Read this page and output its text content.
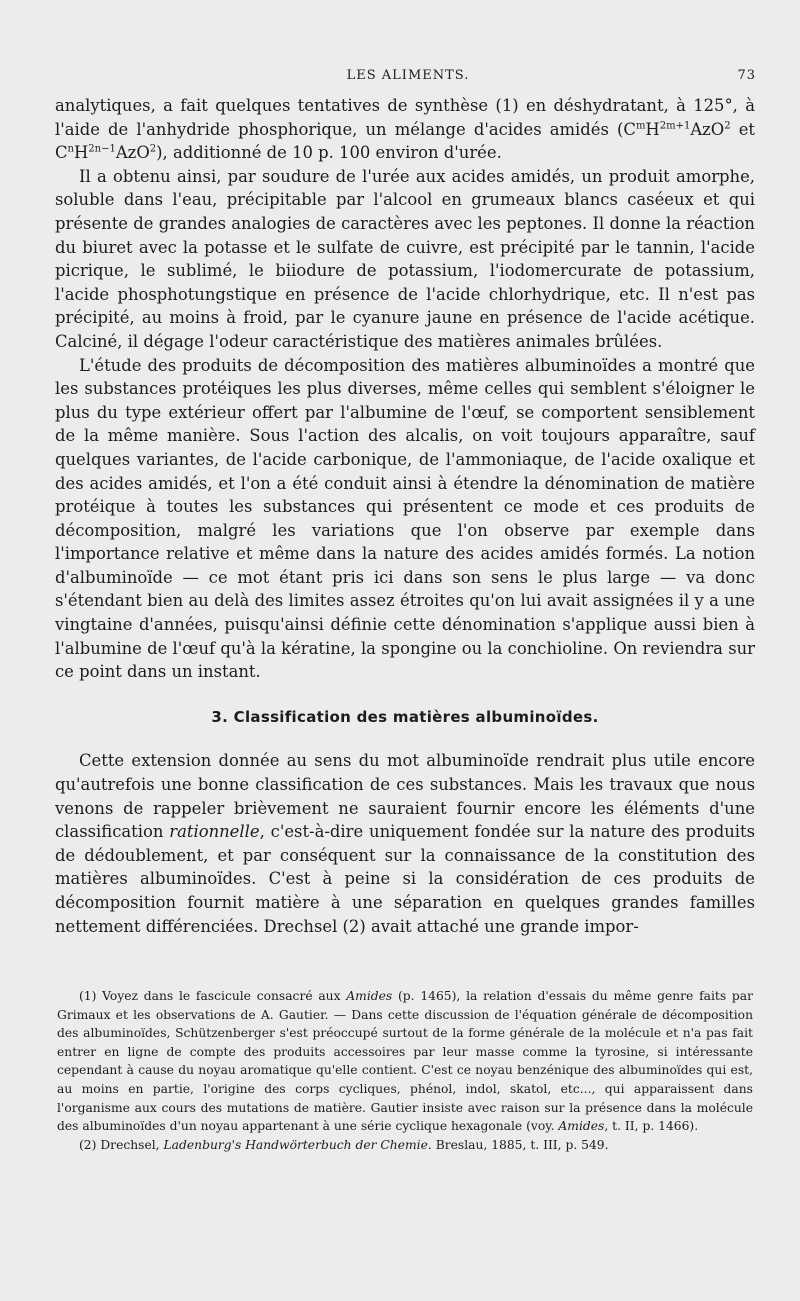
LES ALIMENTS.	73

analytiques, a fait quelques tentatives de synthèse (1) en déshydratant, à 125°, à l'aide de l'anhydride phosphorique, un mélange d'acides amidés ($C^mH^{2m+1}AzO^2$ et $C^nH^{2n-1}AzO^2$), additionné de 10 p. 100 environ d'urée.

Il a obtenu ainsi, par soudure de l'urée aux acides amidés, un produit amorphe, soluble dans l'eau, précipitable par l'alcool en grumeaux blancs caséeux et qui présente de grandes analogies de caractères avec les peptones. Il donne la réaction du biuret avec la potasse et le sulfate de cuivre, est précipité par le tannin, l'acide picrique, le sublimé, le biiodure de potassium, l'iodomercurate de potassium, l'acide phosphotungstique en présence de l'acide chlorhydrique, etc. Il n'est pas précipité, au moins à froid, par le cyanure jaune en présence de l'acide acétique. Calciné, il dégage l'odeur caractéristique des matières animales brûlées.

L'étude des produits de décomposition des matières albuminoïdes a montré que les substances protéiques les plus diverses, même celles qui semblent s'éloigner le plus du type extérieur offert par l'albumine de l'œuf, se comportent sensiblement de la même manière. Sous l'action des alcalis, on voit toujours apparaître, sauf quelques variantes, de l'acide carbonique, de l'ammoniaque, de l'acide oxalique et des acides amidés, et l'on a été conduit ainsi à étendre la dénomination de matière protéique à toutes les substances qui présentent ce mode et ces produits de décomposition, malgré les variations que l'on observe par exemple dans l'importance relative et même dans la nature des acides amidés formés. La notion d'albuminoïde — ce mot étant pris ici dans son sens le plus large — va donc s'étendant bien au delà des limites assez étroites qu'on lui avait assignées il y a une vingtaine d'années, puisqu'ainsi définie cette dénomination s'applique aussi bien à l'albumine de l'œuf qu'à la kératine, la spongine ou la conchioline. On reviendra sur ce point dans un instant.

3. Classification des matières albuminoïdes.

Cette extension donnée au sens du mot albuminoïde rendrait plus utile encore qu'autrefois une bonne classification de ces substances. Mais les travaux que nous venons de rappeler brièvement ne sauraient fournir encore les éléments d'une classification rationnelle, c'est-à-dire uniquement fondée sur la nature des produits de dédoublement, et par conséquent sur la connaissance de la constitution des matières albuminoïdes. C'est à peine si la considération de ces produits de décomposition fournit matière à une séparation en quelques grandes familles nettement différenciées. Drechsel (2) avait attaché une grande impor-

(1) Voyez dans le fascicule consacré aux Amides (p. 1465), la relation d'essais du même genre faits par Grimaux et les observations de A. Gautier. — Dans cette discussion de l'équation générale de décomposition des albuminoïdes, Schützenberger s'est préoccupé surtout de la forme générale de la molécule et n'a pas fait entrer en ligne de compte des produits accessoires par leur masse comme la tyrosine, si intéressante cependant à cause du noyau aromatique qu'elle contient. C'est ce noyau benzénique des albuminoïdes qui est, au moins en partie, l'origine des corps cycliques, phénol, indol, skatol, etc..., qui apparaissent dans l'organisme aux cours des mutations de matière. Gautier insiste avec raison sur la présence dans la molécule des albuminoïdes d'un noyau appartenant à une série cyclique hexagonale (voy. Amides, t. II, p. 1466).

(2) Drechsel, Ladenburg's Handwörterbuch der Chemie. Breslau, 1885, t. III, p. 549.
